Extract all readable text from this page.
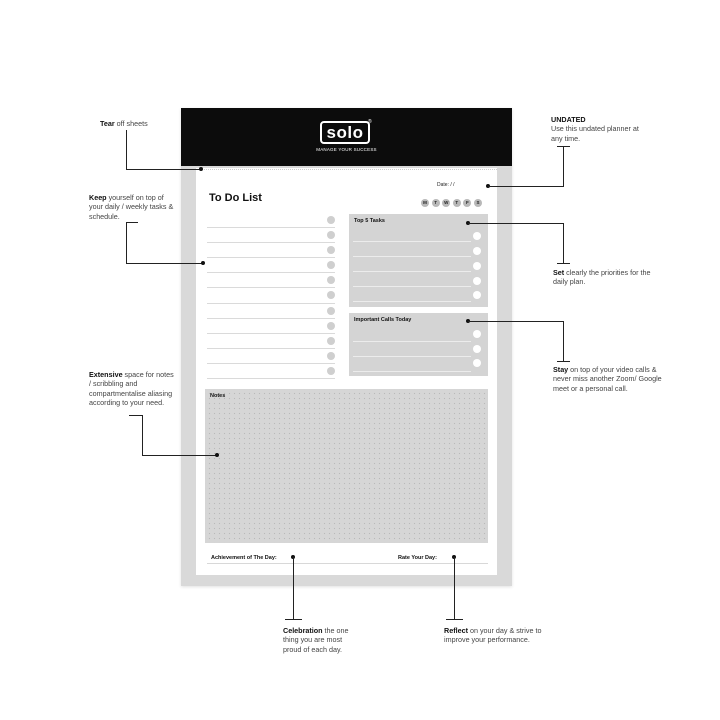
solo
®
MANAGE YOUR SUCCESS
To Do List
Date: / /
M	T	W	T	F	S
Top 5 Tasks
Important Calls Today
Notes
Achievement of The Day:	Rate Your Day:
Tear off sheets
Keep yourself on top of your daily / weekly tasks & schedule.
Extensive space for notes / scribbling and compartmentalise aliasing according to your need.
Celebration the one thing you are most proud of each day.
Reflect on your day & strive to improve your performance.
UNDATED
Use this undated planner at any time.
Set clearly the priorities for the daily plan.
Stay on top of your video calls & never miss another Zoom/ Google meet or a personal call.
